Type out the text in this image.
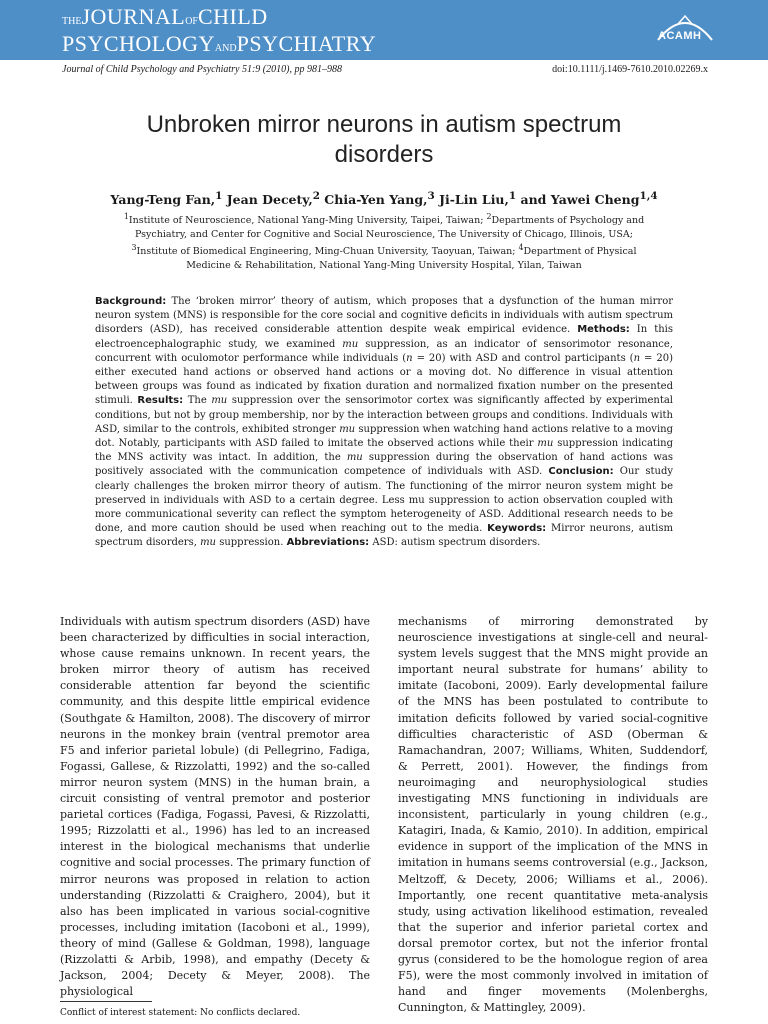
THEJOURNALOFCHILD
PSYCHOLOGYANDPSYCHIATRY	ACAMH
Journal of Child Psychology and Psychiatry 51:9 (2010), pp 981–988	doi:10.1111/j.1469-7610.2010.02269.x
Unbroken mirror neurons in autism spectrum
disorders
Yang-Teng Fan,$^1$ Jean Decety,$^2$ Chia-Yen Yang,$^3$ Ji-Lin Liu,$^1$ and Yawei Cheng$^{1,4}$
$^1$Institute of Neuroscience, National Yang-Ming University, Taipei, Taiwan; $^2$Departments of Psychology and
Psychiatry, and Center for Cognitive and Social Neuroscience, The University of Chicago, Illinois, USA;
$^3$Institute of Biomedical Engineering, Ming-Chuan University, Taoyuan, Taiwan; $^4$Department of Physical
Medicine & Rehabilitation, National Yang-Ming University Hospital, Yilan, Taiwan
Background: The ‘broken mirror’ theory of autism, which proposes that a dysfunction of the human mirror neuron system (MNS) is responsible for the core social and cognitive deficits in individuals with autism spectrum disorders (ASD), has received considerable attention despite weak empirical evidence. Methods: In this electroencephalographic study, we examined mu suppression, as an indicator of sensorimotor resonance, concurrent with oculomotor performance while individuals (n = 20) with ASD and control participants (n = 20) either executed hand actions or observed hand actions or a moving dot. No difference in visual attention between groups was found as indicated by fixation duration and normalized fixation number on the presented stimuli. Results: The mu suppression over the sensorimotor cortex was significantly affected by experimental conditions, but not by group membership, nor by the interaction between groups and conditions. Individuals with ASD, similar to the controls, exhibited stronger mu suppression when watching hand actions relative to a moving dot. Notably, participants with ASD failed to imitate the observed actions while their mu suppression indicating the MNS activity was intact. In addition, the mu suppression during the observation of hand actions was positively associated with the communication competence of individuals with ASD. Conclusion: Our study clearly challenges the broken mirror theory of autism. The functioning of the mirror neuron system might be preserved in individuals with ASD to a certain degree. Less mu suppression to action observation coupled with more communicational severity can reflect the symptom heterogeneity of ASD. Additional research needs to be done, and more caution should be used when reaching out to the media. Keywords: Mirror neurons, autism spectrum disorders, mu suppression. Abbreviations: ASD: autism spectrum disorders.
Individuals with autism spectrum disorders (ASD) have been characterized by difficulties in social interaction, whose cause remains unknown. In recent years, the broken mirror theory of autism has received considerable attention far beyond the scientific community, and this despite little empirical evidence (Southgate & Hamilton, 2008). The discovery of mirror neurons in the monkey brain (ventral premotor area F5 and inferior parietal lobule) (di Pellegrino, Fadiga, Fogassi, Gallese, & Rizzolatti, 1992) and the so-called mirror neuron system (MNS) in the human brain, a circuit consisting of ventral premotor and posterior parietal cortices (Fadiga, Fogassi, Pavesi, & Rizzolatti, 1995; Rizzolatti et al., 1996) has led to an increased interest in the biological mechanisms that underlie cognitive and social processes. The primary function of mirror neurons was proposed in relation to action understanding (Rizzolatti & Craighero, 2004), but it also has been implicated in various social-cognitive processes, including imitation (Iacoboni et al., 1999), theory of mind (Gallese & Goldman, 1998), language (Rizzolatti & Arbib, 1998), and empathy (Decety & Jackson, 2004; Decety & Meyer, 2008). The physiological
mechanisms of mirroring demonstrated by neuroscience investigations at single-cell and neural-system levels suggest that the MNS might provide an important neural substrate for humans’ ability to imitate (Iacoboni, 2009). Early developmental failure of the MNS has been postulated to contribute to imitation deficits followed by varied social-cognitive difficulties characteristic of ASD (Oberman & Ramachandran, 2007; Williams, Whiten, Suddendorf, & Perrett, 2001). However, the findings from neuroimaging and neurophysiological studies investigating MNS functioning in individuals are inconsistent, particularly in young children (e.g., Katagiri, Inada, & Kamio, 2010). In addition, empirical evidence in support of the implication of the MNS in imitation in humans seems controversial (e.g., Jackson, Meltzoff, & Decety, 2006; Williams et al., 2006). Importantly, one recent quantitative meta-analysis study, using activation likelihood estimation, revealed that the superior and inferior parietal cortex and dorsal premotor cortex, but not the inferior frontal gyrus (considered to be the homologue region of area F5), were the most commonly involved in imitation of hand and finger movements (Molenberghs, Cunnington, & Mattingley, 2009).
Conflict of interest statement: No conflicts declared.
